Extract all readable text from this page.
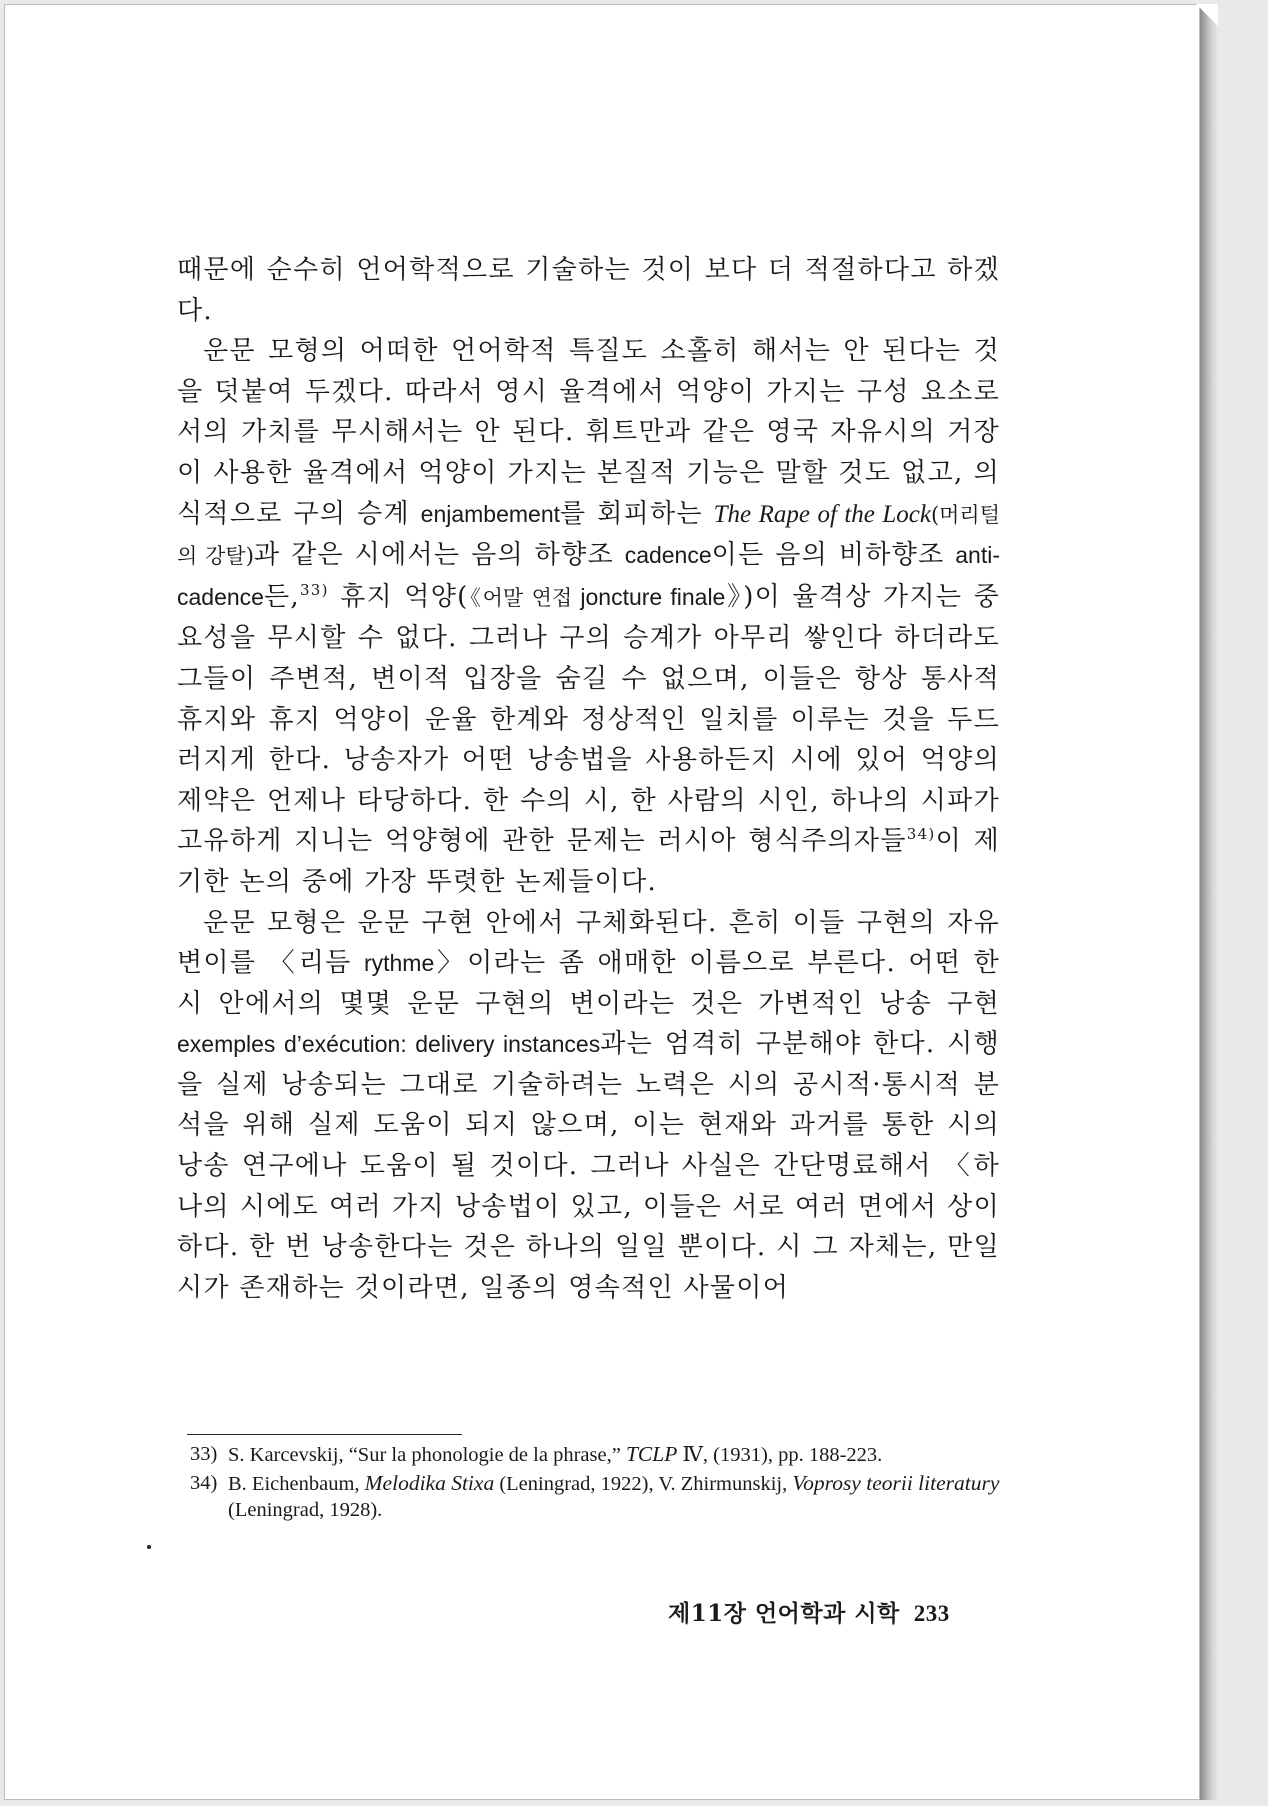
때문에 순수히 언어학적으로 기술하는 것이 보다 더 적절하다고 하겠다.

운문 모형의 어떠한 언어학적 특질도 소홀히 해서는 안 된다는 것을 덧붙여 두겠다. 따라서 영시 율격에서 억양이 가지는 구성 요소로서의 가치를 무시해서는 안 된다. 휘트만과 같은 영국 자유시의 거장이 사용한 율격에서 억양이 가지는 본질적 기능은 말할 것도 없고, 의식적으로 구의 승계 enjambement를 회피하는 The Rape of the Lock(머리털의 강탈)과 같은 시에서는 음의 하향조 cadence이든 음의 비하향조 anti-cadence든,$^{33)}$ 휴지 억양(《어말 연접 joncture finale》)이 율격상 가지는 중요성을 무시할 수 없다. 그러나 구의 승계가 아무리 쌓인다 하더라도 그들이 주변적, 변이적 입장을 숨길 수 없으며, 이들은 항상 통사적 휴지와 휴지 억양이 운율 한계와 정상적인 일치를 이루는 것을 두드러지게 한다. 낭송자가 어떤 낭송법을 사용하든지 시에 있어 억양의 제약은 언제나 타당하다. 한 수의 시, 한 사람의 시인, 하나의 시파가 고유하게 지니는 억양형에 관한 문제는 러시아 형식주의자들$^{34)}$이 제기한 논의 중에 가장 뚜렷한 논제들이다.

운문 모형은 운문 구현 안에서 구체화된다. 흔히 이들 구현의 자유 변이를 〈리듬 rythme〉이라는 좀 애매한 이름으로 부른다. 어떤 한 시 안에서의 몇몇 운문 구현의 변이라는 것은 가변적인 낭송 구현 exemples d’exécution: delivery instances과는 엄격히 구분해야 한다. 시행을 실제 낭송되는 그대로 기술하려는 노력은 시의 공시적·통시적 분석을 위해 실제 도움이 되지 않으며, 이는 현재와 과거를 통한 시의 낭송 연구에나 도움이 될 것이다. 그러나 사실은 간단명료해서 〈하나의 시에도 여러 가지 낭송법이 있고, 이들은 서로 여러 면에서 상이하다. 한 번 낭송한다는 것은 하나의 일일 뿐이다. 시 그 자체는, 만일 시가 존재하는 것이라면, 일종의 영속적인 사물이어

33) S. Karcevskij, “Sur la phonologie de la phrase,” TCLP Ⅳ, (1931), pp. 188-223.
34) B. Eichenbaum, Melodika Stixa (Leningrad, 1922), V. Zhirmunskij, Voprosy teorii literatury (Leningrad, 1928).
제11장 언어학과 시학 233
